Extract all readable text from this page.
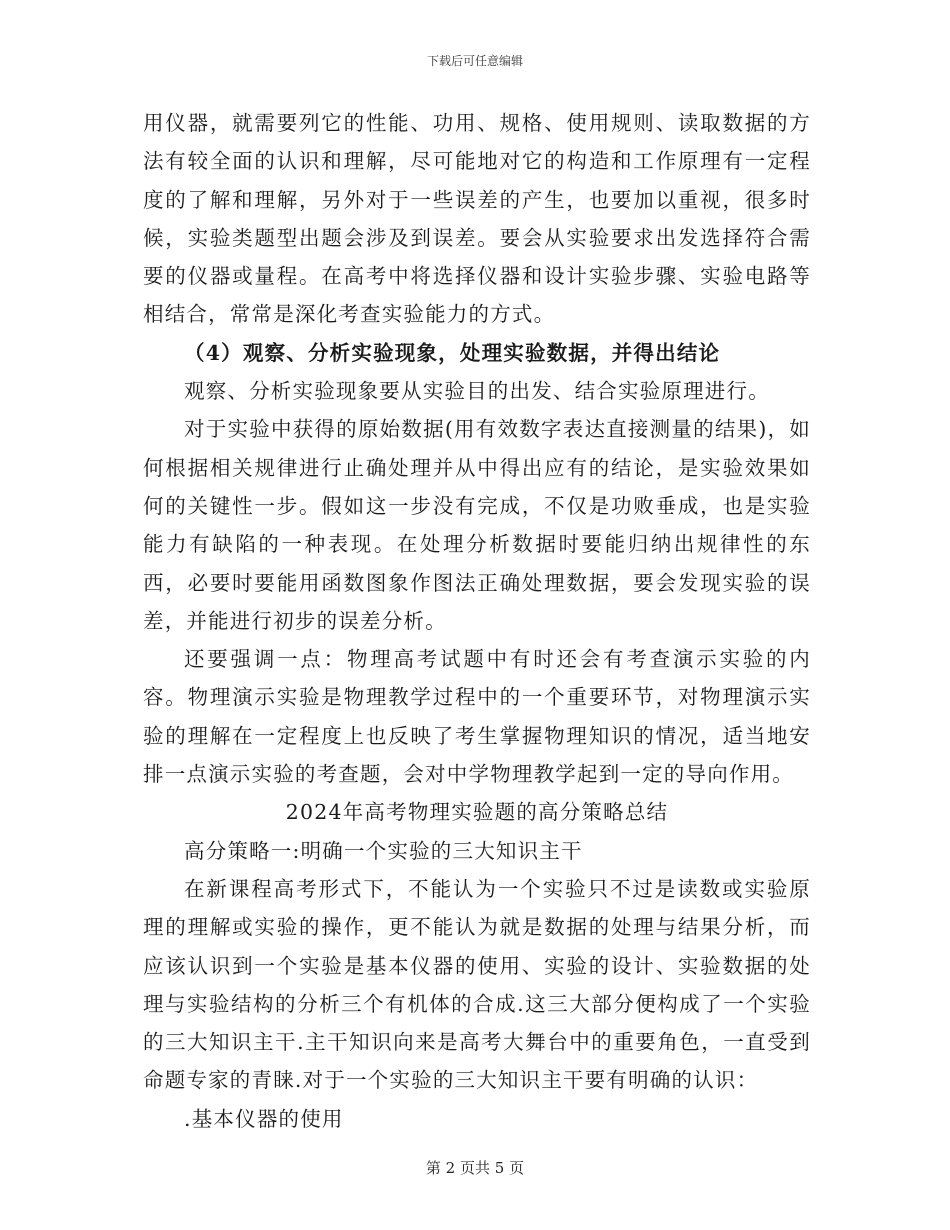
下载后可任意编辑

用仪器，就需要列它的性能、功用、规格、使用规则、读取数据的方法有较全面的认识和理解，尽可能地对它的构造和工作原理有一定程度的了解和理解，另外对于一些误差的产生，也要加以重视，很多时候，实验类题型出题会涉及到误差。要会从实验要求出发选择符合需要的仪器或量程。在高考中将选择仪器和设计实验步骤、实验电路等相结合，常常是深化考查实验能力的方式。

（4）观察、分析实验现象，处理实验数据，并得出结论

观察、分析实验现象要从实验目的出发、结合实验原理进行。

对于实验中获得的原始数据(用有效数字表达直接测量的结果)，如何根据相关规律进行止确处理并从中得出应有的结论，是实验效果如何的关键性一步。假如这一步没有完成，不仅是功败垂成，也是实验能力有缺陷的一种表现。在处理分析数据时要能归纳出规律性的东西，必要时要能用函数图象作图法正确处理数据，要会发现实验的误差，并能进行初步的误差分析。

还要强调一点：物理高考试题中有时还会有考查演示实验的内容。物理演示实验是物理教学过程中的一个重要环节，对物理演示实验的理解在一定程度上也反映了考生掌握物理知识的情况，适当地安排一点演示实验的考查题，会对中学物理教学起到一定的导向作用。

2024年高考物理实验题的高分策略总结

高分策略一:明确一个实验的三大知识主干

在新课程高考形式下，不能认为一个实验只不过是读数或实验原理的理解或实验的操作，更不能认为就是数据的处理与结果分析，而应该认识到一个实验是基本仪器的使用、实验的设计、实验数据的处理与实验结构的分析三个有机体的合成.这三大部分便构成了一个实验的三大知识主干.主干知识向来是高考大舞台中的重要角色，一直受到命题专家的青睐.对于一个实验的三大知识主干要有明确的认识：

.基本仪器的使用

第 2 页共 5 页
